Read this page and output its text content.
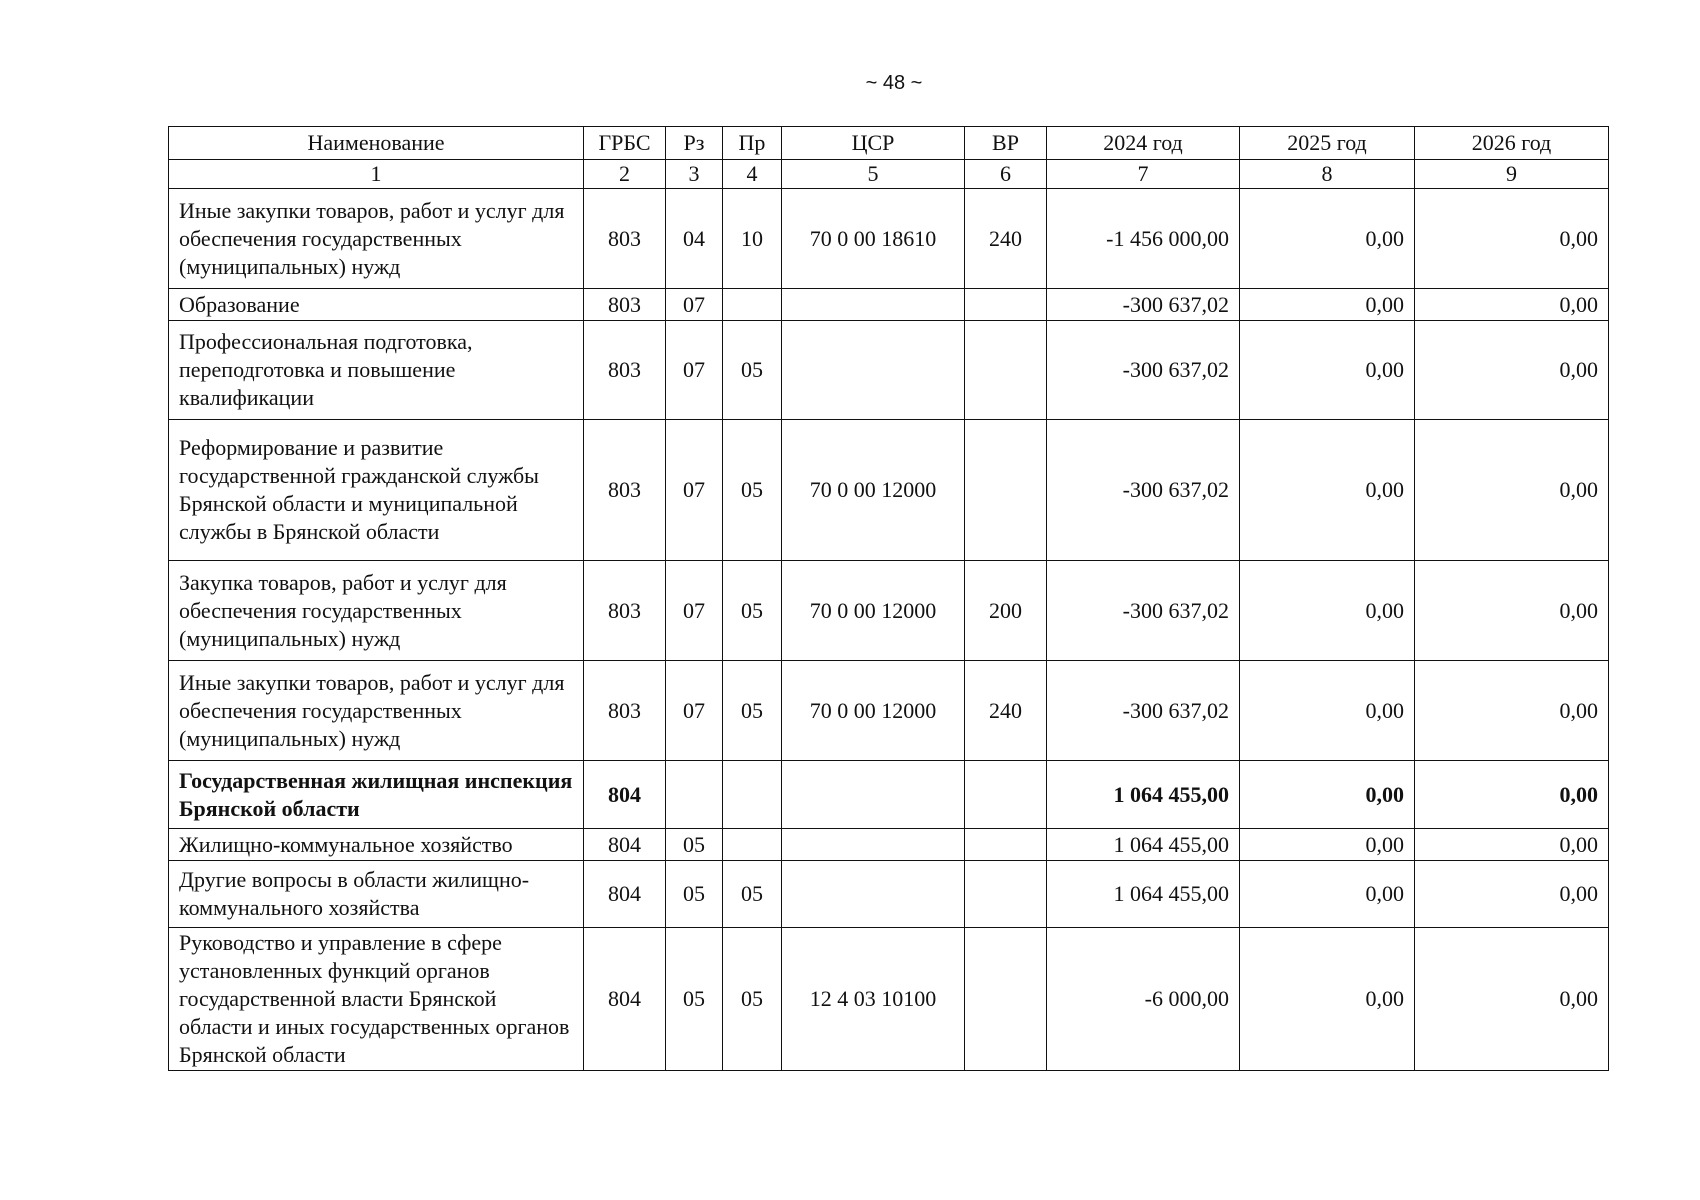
~ 48 ~
Наименование	ГРБС	Рз	Пр	ЦСР	ВР	2024 год	2025 год	2026 год
1	2	3	4	5	6	7	8	9
Иные закупки товаров, работ и услуг для обеспечения государственных (муниципальных) нужд	803	04	10	70 0 00 18610	240	-1 456 000,00	0,00	0,00
Образование	803	07				-300 637,02	0,00	0,00
Профессиональная подготовка, переподготовка и повышение квалификации	803	07	05			-300 637,02	0,00	0,00
Реформирование и развитие государственной гражданской службы Брянской области и муниципальной службы в Брянской области	803	07	05	70 0 00 12000		-300 637,02	0,00	0,00
Закупка товаров, работ и услуг для обеспечения государственных (муниципальных) нужд	803	07	05	70 0 00 12000	200	-300 637,02	0,00	0,00
Иные закупки товаров, работ и услуг для обеспечения государственных (муниципальных) нужд	803	07	05	70 0 00 12000	240	-300 637,02	0,00	0,00
Государственная жилищная инспекция Брянской области	804					1 064 455,00	0,00	0,00
Жилищно-коммунальное хозяйство	804	05				1 064 455,00	0,00	0,00
Другие вопросы в области жилищно-коммунального хозяйства	804	05	05			1 064 455,00	0,00	0,00
Руководство и управление в сфере установленных функций органов государственной власти Брянской области и иных государственных органов Брянской области	804	05	05	12 4 03 10100		-6 000,00	0,00	0,00
